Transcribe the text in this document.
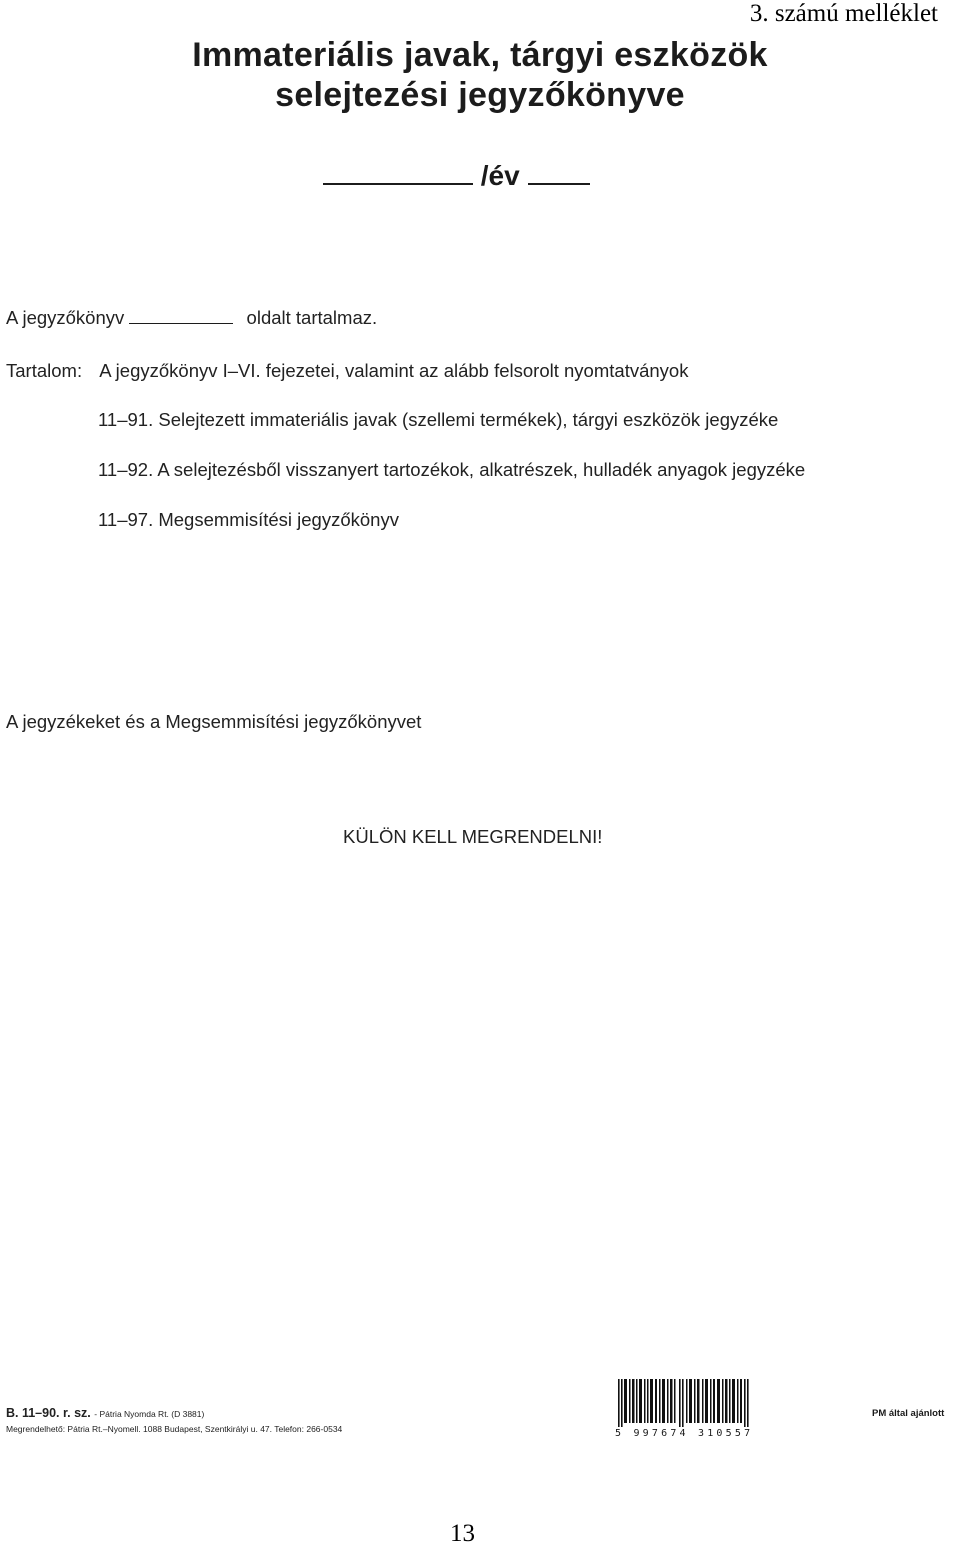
3. számú melléklet
Immateriális javak, tárgyi eszközök
selejtezési jegyzőkönyve
/év
A jegyzőkönyv	oldalt tartalmaz.
Tartalom: A jegyzőkönyv I–VI. fejezetei, valamint az alább felsorolt nyomtatványok
11–91. Selejtezett immateriális javak (szellemi termékek), tárgyi eszközök jegyzéke
11–92. A selejtezésből visszanyert tartozékok, alkatrészek, hulladék anyagok jegyzéke
11–97. Megsemmisítési jegyzőkönyv
A jegyzékeket és a Megsemmisítési jegyzőkönyvet
KÜLÖN KELL MEGRENDELNI!
B. 11–90. r. sz. - Pátria Nyomda Rt. (D 3881)
Megrendelhető: Pátria Rt.–Nyomell. 1088 Budapest, Szentkirályi u. 47. Telefon: 266-0534	5 997674 310557
PM által ajánlott
13
